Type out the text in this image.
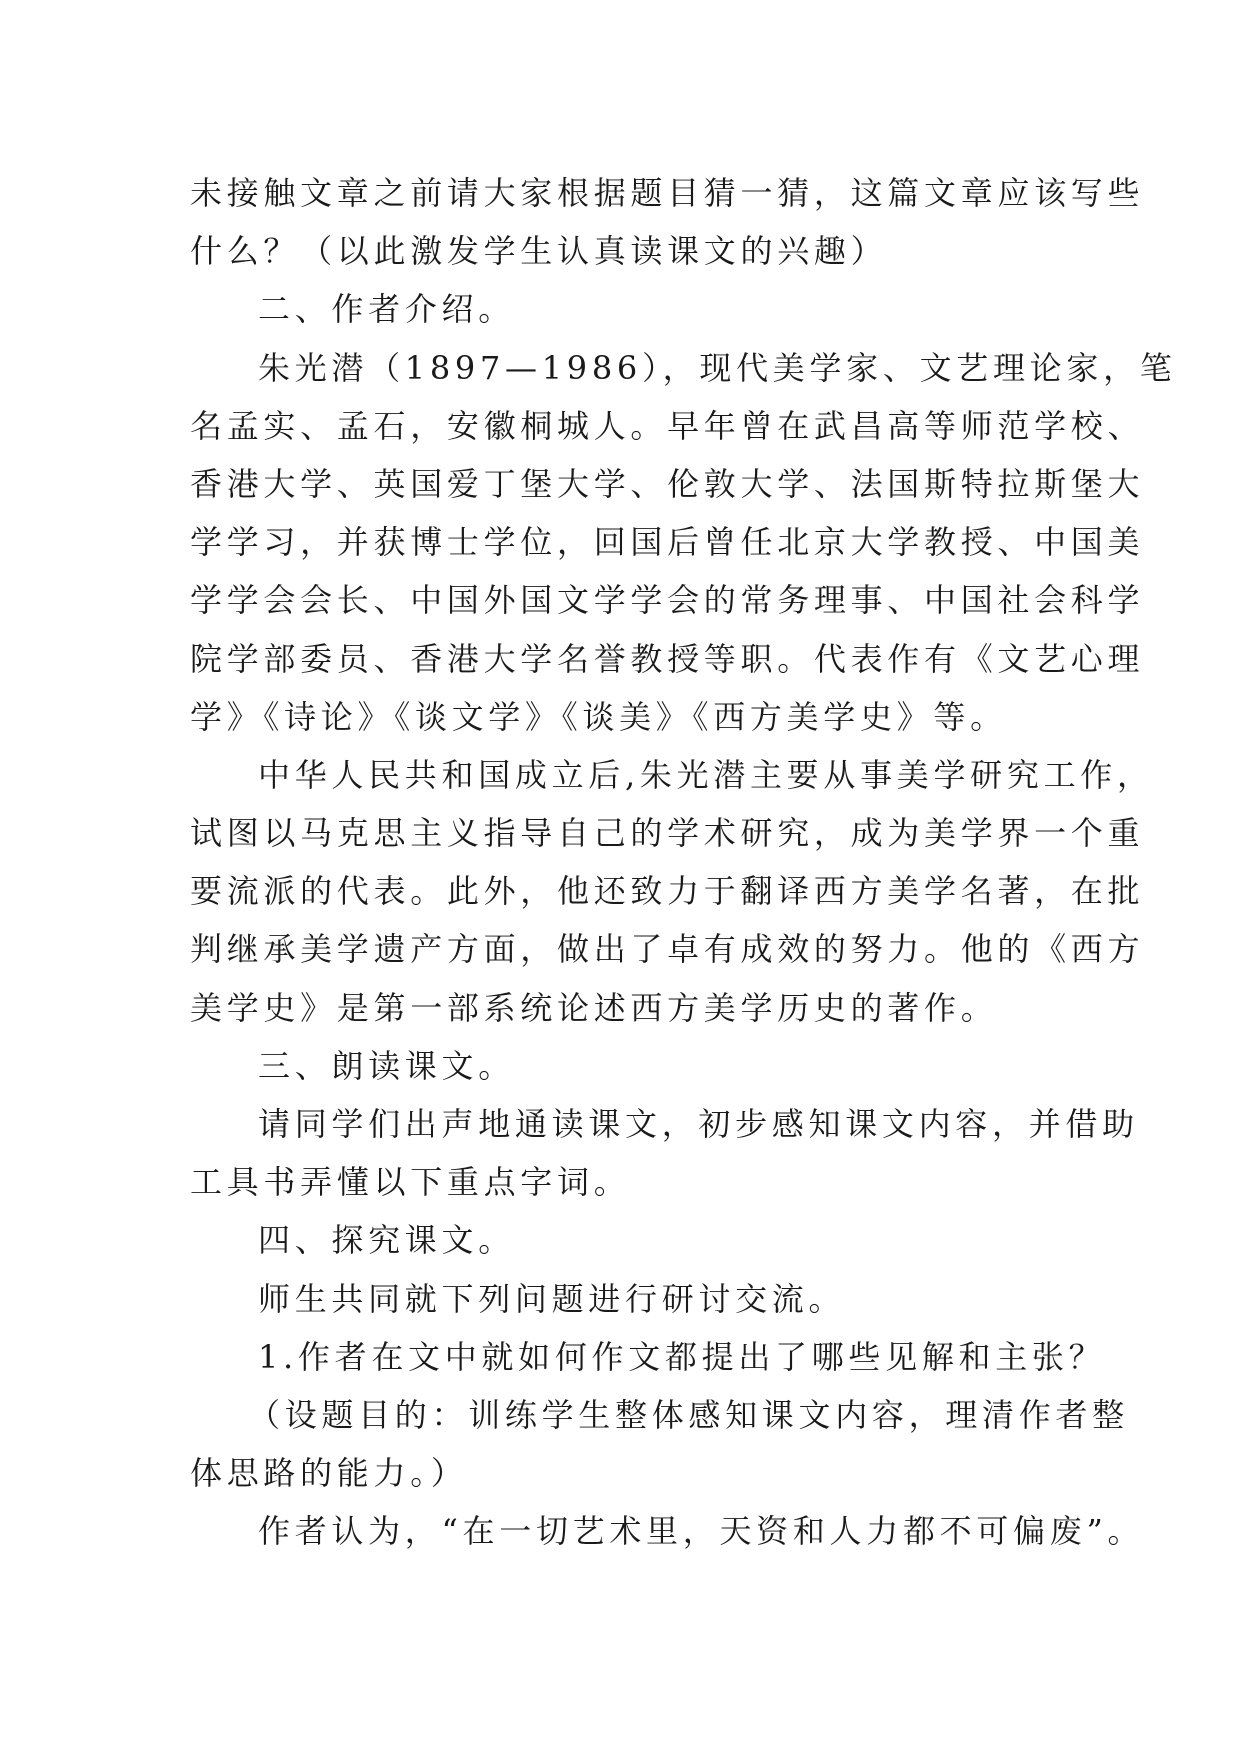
未接触文章之前请大家根据题目猜一猜，这篇文章应该写些
什么？（以此激发学生认真读课文的兴趣）
二、作者介绍。
朱光潜（1897—1986），现代美学家、文艺理论家，笔
名孟实、孟石，安徽桐城人。早年曾在武昌高等师范学校、
香港大学、英国爱丁堡大学、伦敦大学、法国斯特拉斯堡大
学学习，并获博士学位，回国后曾任北京大学教授、中国美
学学会会长、中国外国文学学会的常务理事、中国社会科学
院学部委员、香港大学名誉教授等职。代表作有《文艺心理
学》《诗论》《谈文学》《谈美》《西方美学史》等。
中华人民共和国成立后,朱光潜主要从事美学研究工作，
试图以马克思主义指导自己的学术研究，成为美学界一个重
要流派的代表。此外，他还致力于翻译西方美学名著，在批
判继承美学遗产方面，做出了卓有成效的努力。他的《西方
美学史》是第一部系统论述西方美学历史的著作。
三、朗读课文。
请同学们出声地通读课文，初步感知课文内容，并借助
工具书弄懂以下重点字词。
四、探究课文。
师生共同就下列问题进行研讨交流。
1.作者在文中就如何作文都提出了哪些见解和主张？
（设题目的：训练学生整体感知课文内容，理清作者整
体思路的能力。）
作者认为，“在一切艺术里，天资和人力都不可偏废”。
